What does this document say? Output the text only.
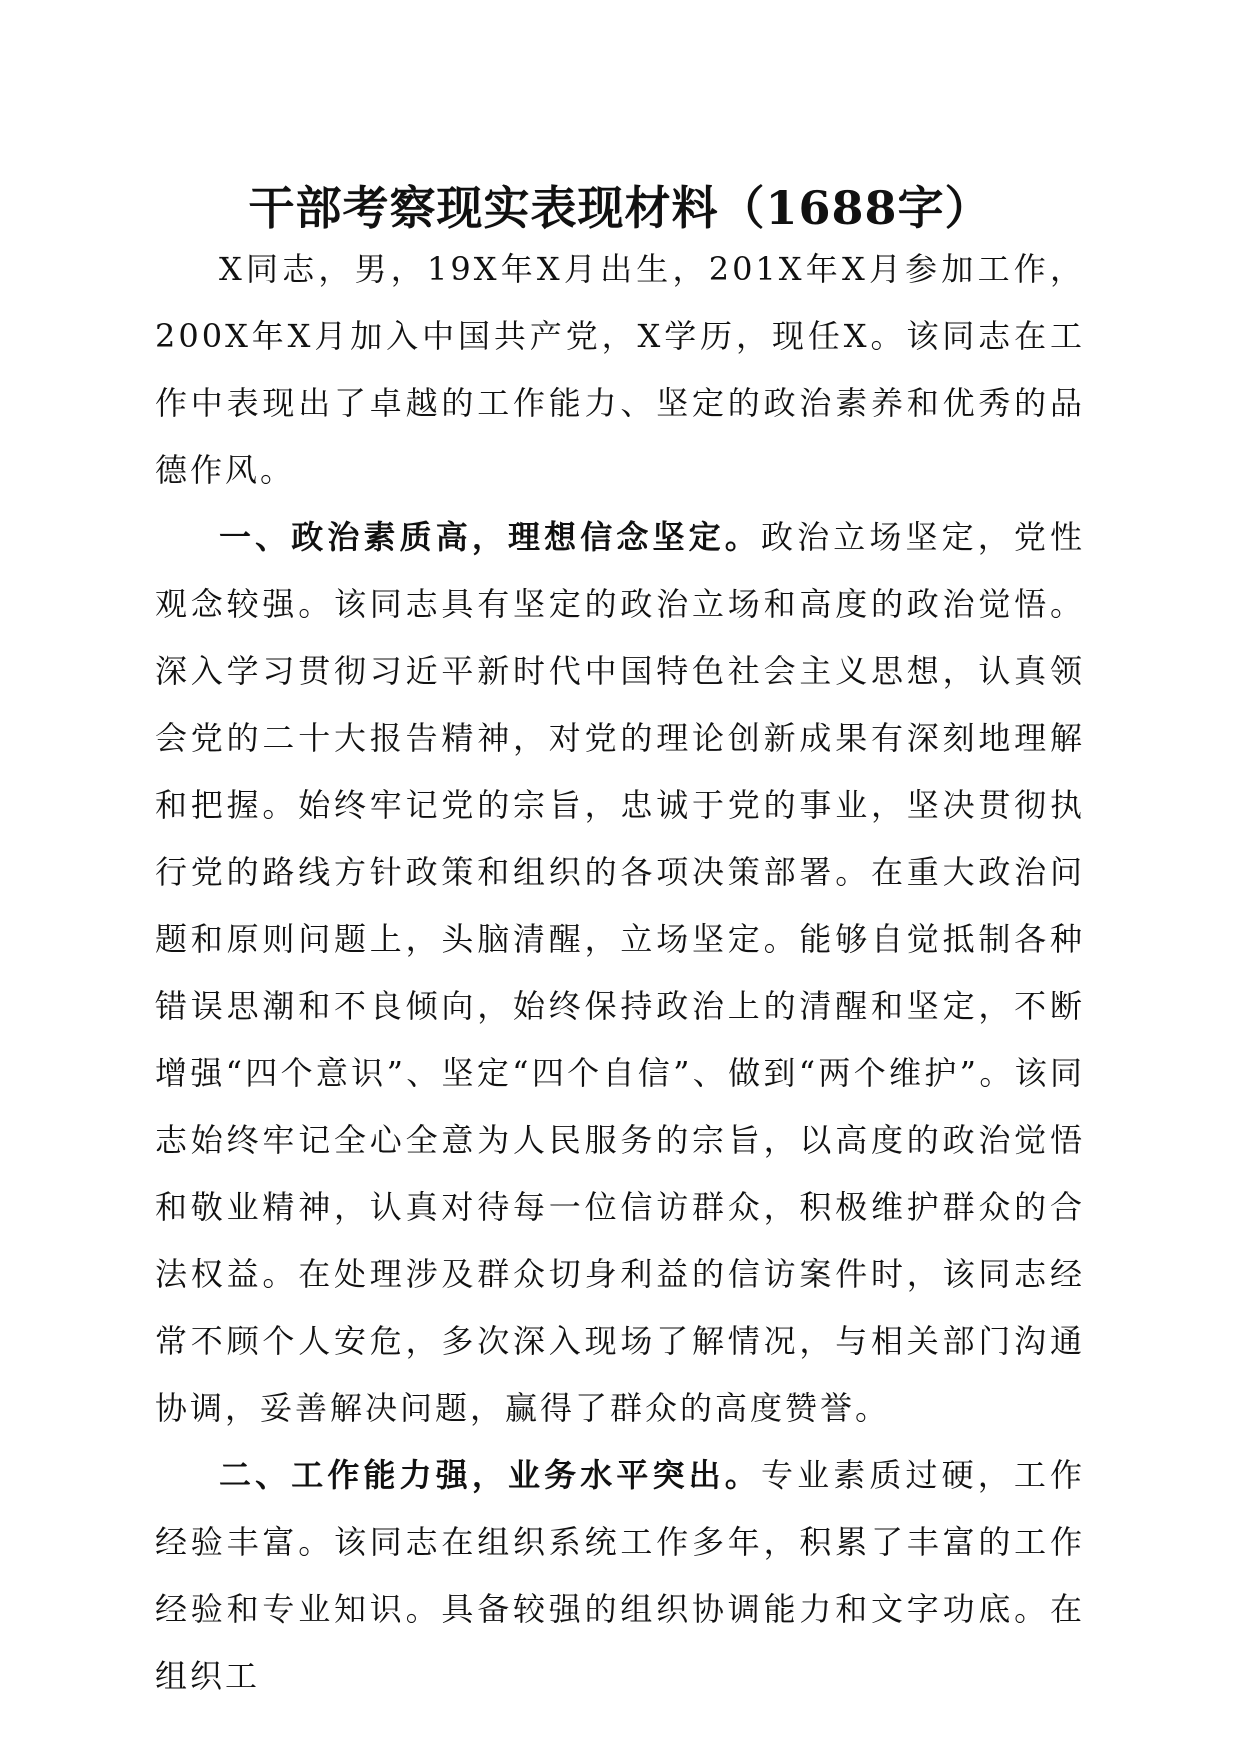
干部考察现实表现材料（1688字）

X同志，男，19X年X月出生，201X年X月参加工作，200X年X月加入中国共产党，X学历，现任X。该同志在工作中表现出了卓越的工作能力、坚定的政治素养和优秀的品德作风。

一、政治素质高，理想信念坚定。政治立场坚定，党性观念较强。该同志具有坚定的政治立场和高度的政治觉悟。深入学习贯彻习近平新时代中国特色社会主义思想，认真领会党的二十大报告精神，对党的理论创新成果有深刻地理解和把握。始终牢记党的宗旨，忠诚于党的事业，坚决贯彻执行党的路线方针政策和组织的各项决策部署。在重大政治问题和原则问题上，头脑清醒，立场坚定。能够自觉抵制各种错误思潮和不良倾向，始终保持政治上的清醒和坚定，不断增强“四个意识”、坚定“四个自信”、做到“两个维护”。该同志始终牢记全心全意为人民服务的宗旨，以高度的政治觉悟和敬业精神，认真对待每一位信访群众，积极维护群众的合法权益。在处理涉及群众切身利益的信访案件时，该同志经常不顾个人安危，多次深入现场了解情况，与相关部门沟通协调，妥善解决问题，赢得了群众的高度赞誉。

二、工作能力强，业务水平突出。专业素质过硬，工作经验丰富。该同志在组织系统工作多年，积累了丰富的工作经验和专业知识。具备较强的组织协调能力和文字功底。在组织工
